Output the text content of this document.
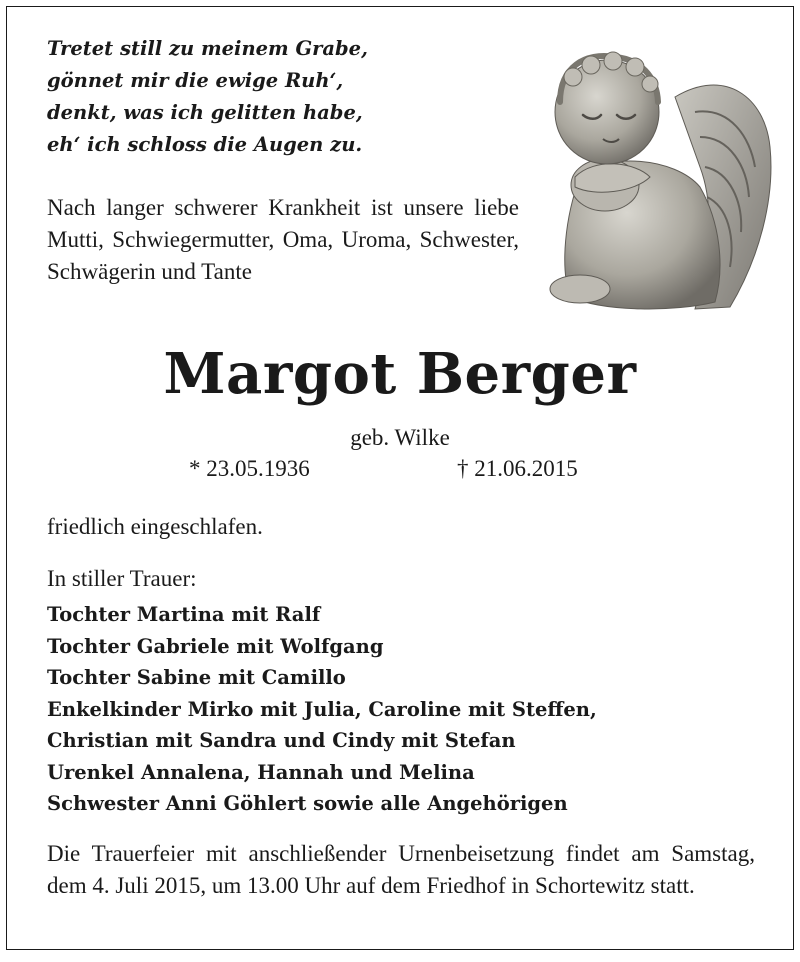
Tretet still zu meinem Grabe,
gönnet mir die ewige Ruh‘,
denkt, was ich gelitten habe,
eh‘ ich schloss die Augen zu.

Nach langer schwerer Krankheit ist unsere liebe Mutti, Schwiegermutter, Oma, Uroma, Schwester, Schwägerin und Tante

Margot Berger
geb. Wilke
* 23.05.1936	† 21.06.2015
friedlich eingeschlafen.
In stiller Trauer:
Tochter Martina mit Ralf
Tochter Gabriele mit Wolfgang
Tochter Sabine mit Camillo
Enkelkinder Mirko mit Julia, Caroline mit Steffen,
Christian mit Sandra und Cindy mit Stefan
Urenkel Annalena, Hannah und Melina
Schwester Anni Göhlert sowie alle Angehörigen

Die Trauerfeier mit anschließender Urnenbeisetzung findet am Samstag, dem 4. Juli 2015, um 13.00 Uhr auf dem Friedhof in Schortewitz statt.
